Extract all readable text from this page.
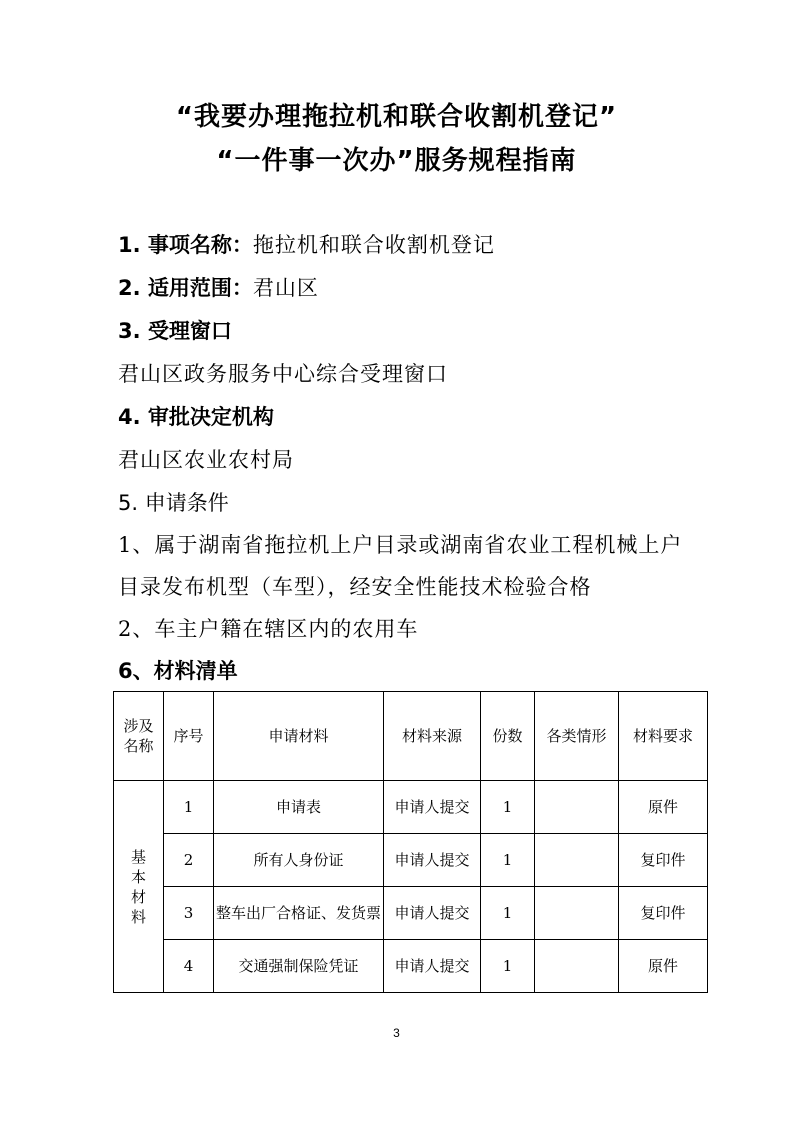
“我要办理拖拉机和联合收割机登记”
“一件事一次办”服务规程指南
1. 事项名称：拖拉机和联合收割机登记
2. 适用范围：君山区
3. 受理窗口
君山区政务服务中心综合受理窗口
4. 审批决定机构
君山区农业农村局
5. 申请条件
1、属于湖南省拖拉机上户目录或湖南省农业工程机械上户
目录发布机型（车型），经安全性能技术检验合格
2、车主户籍在辖区内的农用车
6、材料清单
涉及名称	序号	申请材料	材料来源	份数	各类情形	材料要求
基本材料	1	申请表	申请人提交	1		原件
	2	所有人身份证	申请人提交	1		复印件
	3	整车出厂合格证、发货票	申请人提交	1		复印件
	4	交通强制保险凭证	申请人提交	1		原件
3
